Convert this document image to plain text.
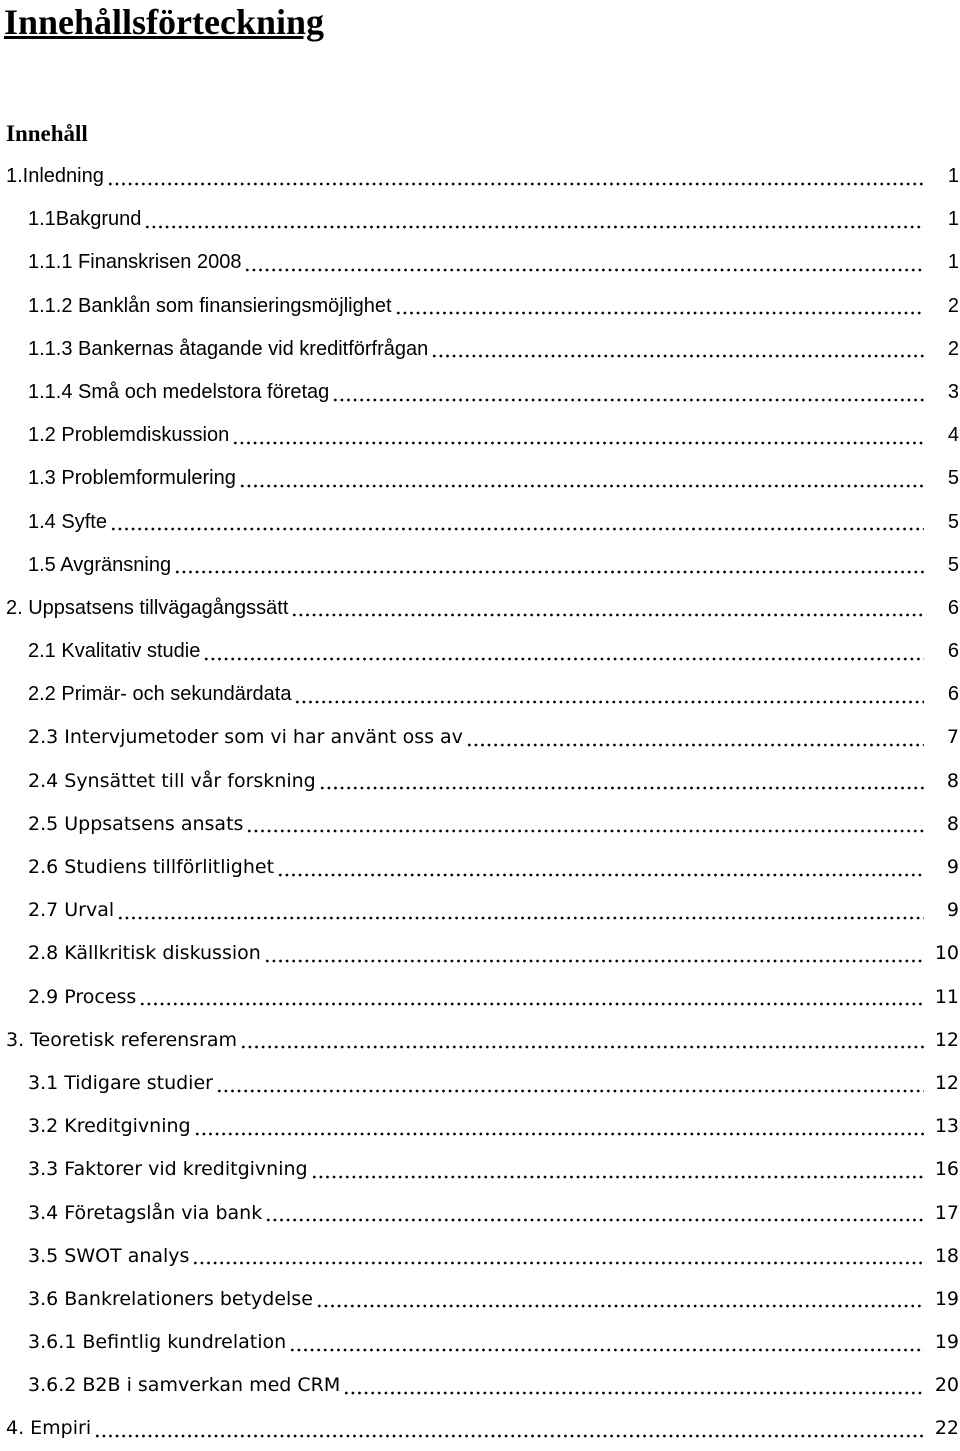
Innehållsförteckning
Innehåll
1.Inledning	1
1.1Bakgrund	1
1.1.1 Finanskrisen 2008	1
1.1.2 Banklån som finansieringsmöjlighet	2
1.1.3 Bankernas åtagande vid kreditförfrågan	2
1.1.4 Små och medelstora företag	3
1.2 Problemdiskussion	4
1.3 Problemformulering	5
1.4 Syfte	5
1.5 Avgränsning	5
2. Uppsatsens tillvägagångssätt	6
2.1 Kvalitativ studie	6
2.2 Primär- och sekundärdata	6
2.3 Intervjumetoder som vi har använt oss av	7
2.4 Synsättet till vår forskning	8
2.5 Uppsatsens ansats	8
2.6 Studiens tillförlitlighet	9
2.7 Urval	9
2.8 Källkritisk diskussion	10
2.9 Process	11
3. Teoretisk referensram	12
3.1 Tidigare studier	12
3.2 Kreditgivning	13
3.3 Faktorer vid kreditgivning	16
3.4 Företagslån via bank	17
3.5 SWOT analys	18
3.6 Bankrelationers betydelse	19
3.6.1 Befintlig kundrelation	19
3.6.2 B2B i samverkan med CRM	20
4. Empiri	22
